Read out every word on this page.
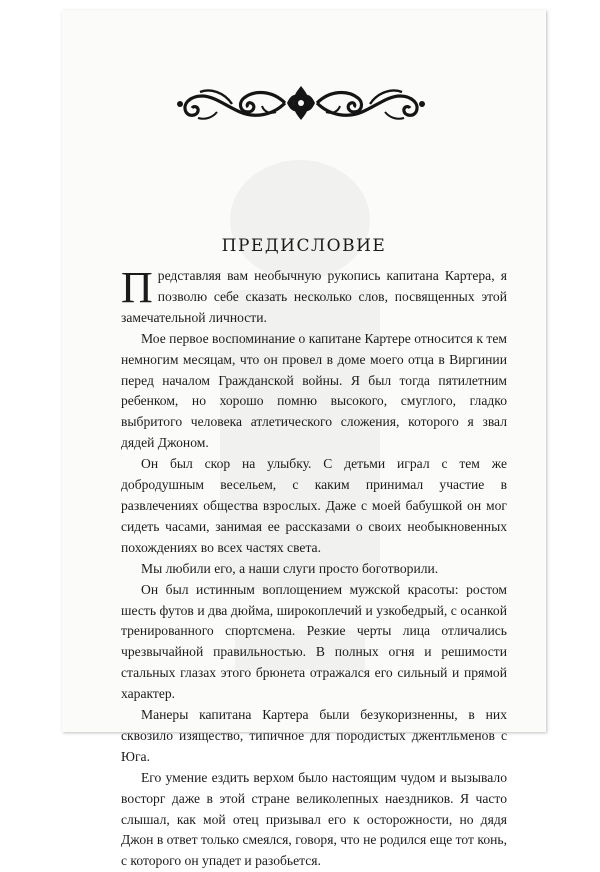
ПРЕДИСЛОВИЕ

Представляя вам необычную рукопись капитана Картера, я позволю себе сказать несколько слов, посвященных этой замечательной личности.

Мое первое воспоминание о капитане Картере относится к тем немногим месяцам, что он провел в доме моего отца в Виргинии перед началом Гражданской войны. Я был тогда пятилетним ребенком, но хорошо помню высокого, смуглого, гладко выбритого человека атлетического сложения, которого я звал дядей Джоном.

Он был скор на улыбку. С детьми играл с тем же добродушным весельем, с каким принимал участие в развлечениях общества взрослых. Даже с моей бабушкой он мог сидеть часами, занимая ее рассказами о своих необыкновенных похождениях во всех частях света.

Мы любили его, а наши слуги просто боготворили.

Он был истинным воплощением мужской красоты: ростом шесть футов и два дюйма, широкоплечий и узкобедрый, с осанкой тренированного спортсмена. Резкие черты лица отличались чрезвычайной правильностью. В полных огня и решимости стальных глазах этого брюнета отражался его сильный и прямой характер.

Манеры капитана Картера были безукоризненны, в них сквозило изящество, типичное для породистых джентльменов с Юга.

Его умение ездить верхом было настоящим чудом и вызывало восторг даже в этой стране великолепных наездников. Я часто слышал, как мой отец призывал его к осторожности, но дядя Джон в ответ только смеялся, говоря, что не родился еще тот конь, с которого он упадет и разобьется.
